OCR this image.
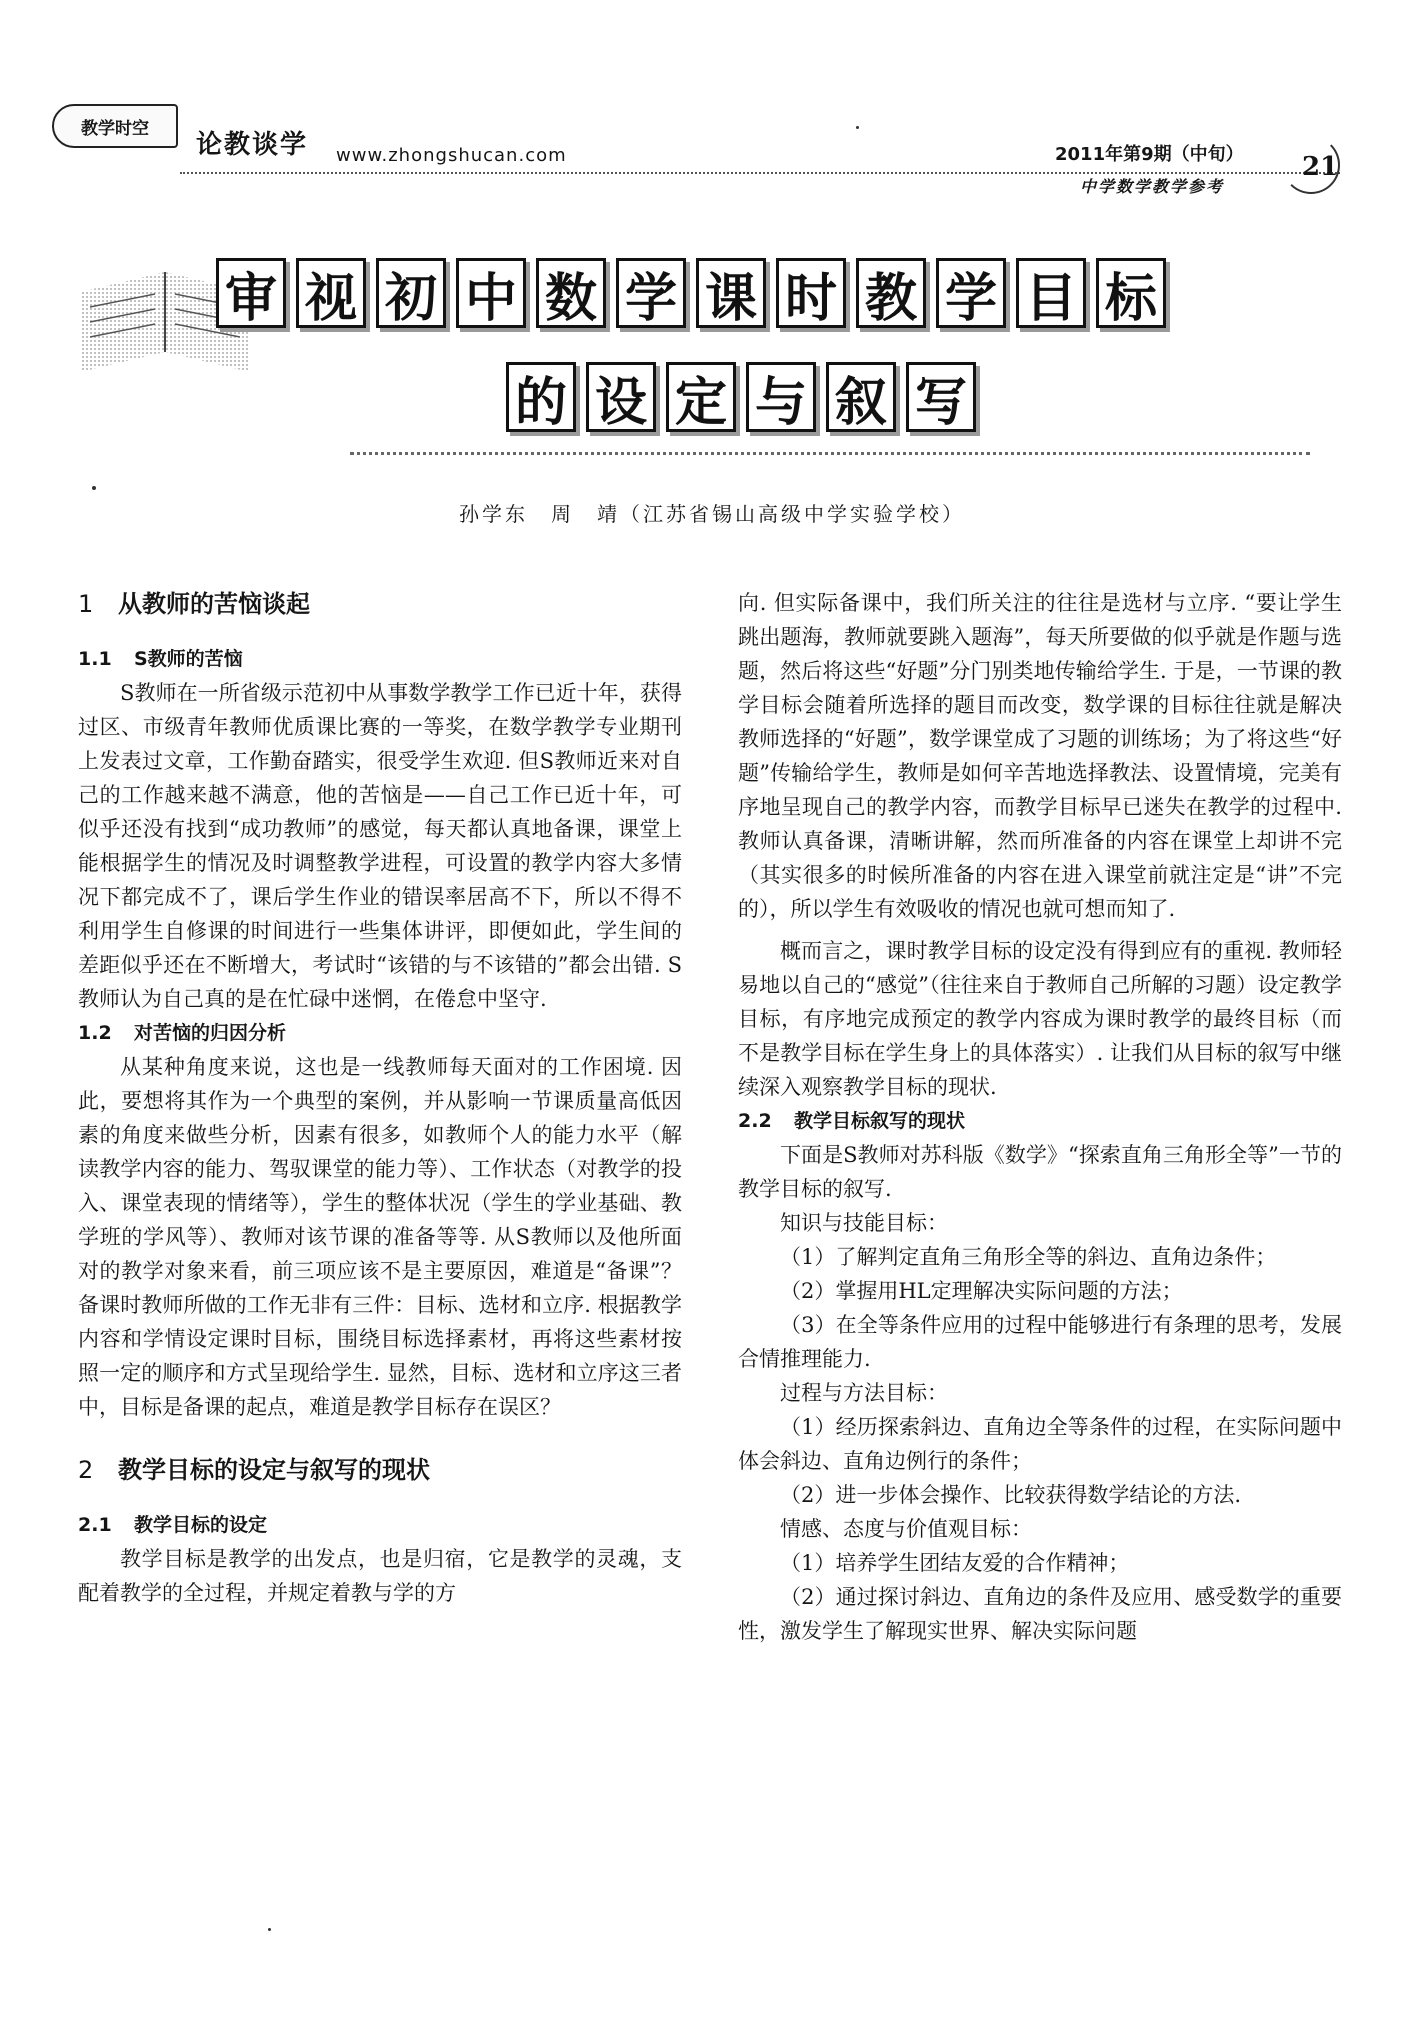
教学时空
论教谈学 www.zhongshucan.com	2011年第9期（中旬）
中学数学教学参考
21
审 视 初 中 数 学 课 时 教 学 目 标
的 设 定 与 叙 写
孙学东　周　靖（江苏省锡山高级中学实验学校）
1 从教师的苦恼谈起
1.1 S教师的苦恼

S教师在一所省级示范初中从事数学教学工作已近十年，获得过区、市级青年教师优质课比赛的一等奖，在数学教学专业期刊上发表过文章，工作勤奋踏实，很受学生欢迎. 但S教师近来对自己的工作越来越不满意，他的苦恼是——自己工作已近十年，可似乎还没有找到“成功教师”的感觉，每天都认真地备课，课堂上能根据学生的情况及时调整教学进程，可设置的教学内容大多情况下都完成不了，课后学生作业的错误率居高不下，所以不得不利用学生自修课的时间进行一些集体讲评，即便如此，学生间的差距似乎还在不断增大，考试时“该错的与不该错的”都会出错. S教师认为自己真的是在忙碌中迷惘，在倦怠中坚守.

1.2 对苦恼的归因分析

从某种角度来说，这也是一线教师每天面对的工作困境. 因此，要想将其作为一个典型的案例，并从影响一节课质量高低因素的角度来做些分析，因素有很多，如教师个人的能力水平（解读教学内容的能力、驾驭课堂的能力等）、工作状态（对教学的投入、课堂表现的情绪等），学生的整体状况（学生的学业基础、教学班的学风等）、教师对该节课的准备等等. 从S教师以及他所面对的教学对象来看，前三项应该不是主要原因，难道是“备课”？备课时教师所做的工作无非有三件：目标、选材和立序. 根据教学内容和学情设定课时目标，围绕目标选择素材，再将这些素材按照一定的顺序和方式呈现给学生. 显然，目标、选材和立序这三者中，目标是备课的起点，难道是教学目标存在误区？

2 教学目标的设定与叙写的现状
2.1 教学目标的设定

教学目标是教学的出发点，也是归宿，它是教学的灵魂，支配着教学的全过程，并规定着教与学的方

向. 但实际备课中，我们所关注的往往是选材与立序. “要让学生跳出题海，教师就要跳入题海”，每天所要做的似乎就是作题与选题，然后将这些“好题”分门别类地传输给学生. 于是，一节课的教学目标会随着所选择的题目而改变，数学课的目标往往就是解决教师选择的“好题”，数学课堂成了习题的训练场；为了将这些“好题”传输给学生，教师是如何辛苦地选择教法、设置情境，完美有序地呈现自己的教学内容，而教学目标早已迷失在教学的过程中. 教师认真备课，清晰讲解，然而所准备的内容在课堂上却讲不完（其实很多的时候所准备的内容在进入课堂前就注定是“讲”不完的），所以学生有效吸收的情况也就可想而知了.

概而言之，课时教学目标的设定没有得到应有的重视. 教师轻易地以自己的“感觉”（往往来自于教师自己所解的习题）设定教学目标，有序地完成预定的教学内容成为课时教学的最终目标（而不是教学目标在学生身上的具体落实）. 让我们从目标的叙写中继续深入观察教学目标的现状.

2.2 教学目标叙写的现状

下面是S教师对苏科版《数学》“探索直角三角形全等”一节的教学目标的叙写.

知识与技能目标：

（1）了解判定直角三角形全等的斜边、直角边条件；

（2）掌握用HL定理解决实际问题的方法；

（3）在全等条件应用的过程中能够进行有条理的思考，发展合情推理能力.

过程与方法目标：

（1）经历探索斜边、直角边全等条件的过程，在实际问题中体会斜边、直角边例行的条件；

（2）进一步体会操作、比较获得数学结论的方法.

情感、态度与价值观目标：

（1）培养学生团结友爱的合作精神；

（2）通过探讨斜边、直角边的条件及应用、感受数学的重要性，激发学生了解现实世界、解决实际问题
